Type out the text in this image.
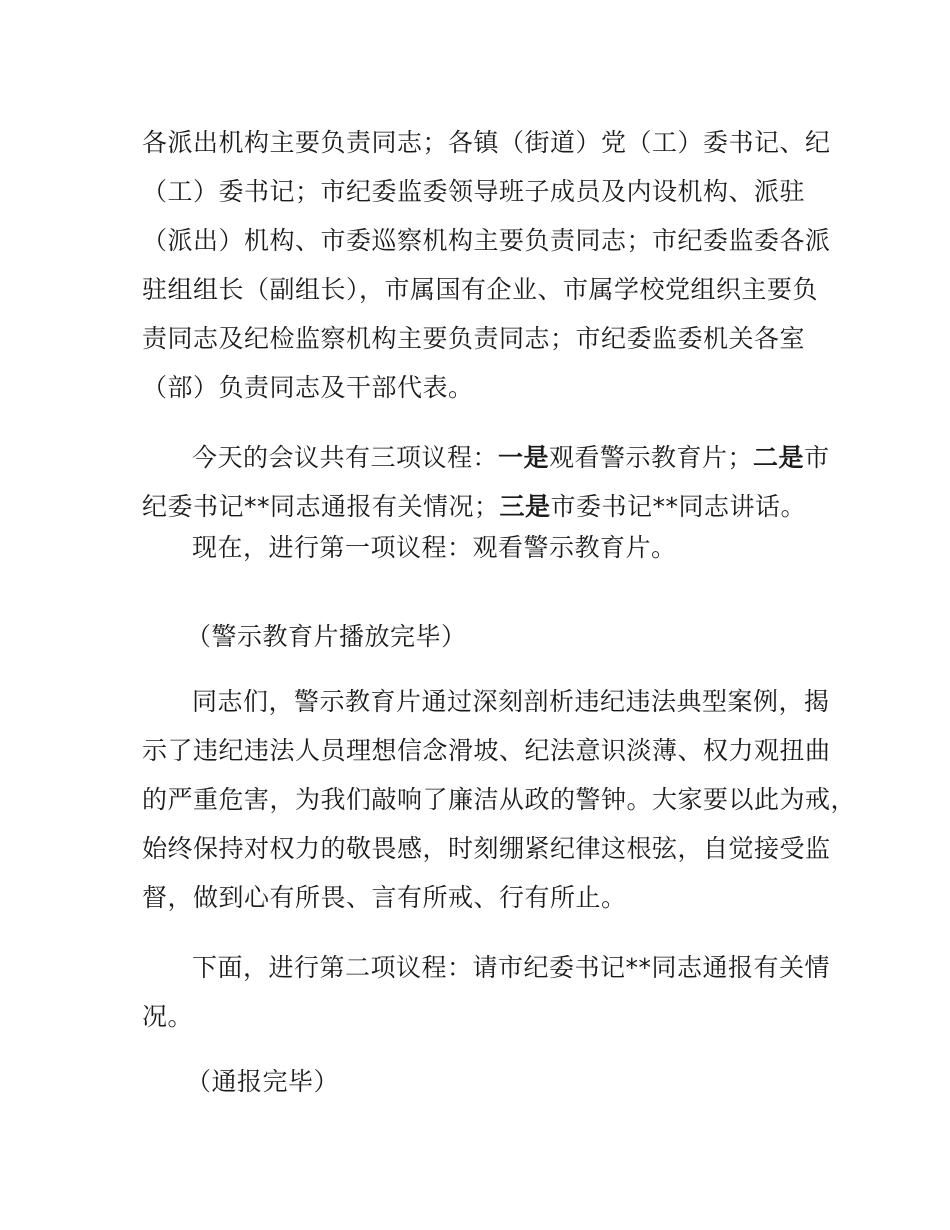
各派出机构主要负责同志；各镇（街道）党（工）委书记、纪
（工）委书记；市纪委监委领导班子成员及内设机构、派驻
（派出）机构、市委巡察机构主要负责同志；市纪委监委各派
驻组组长（副组长），市属国有企业、市属学校党组织主要负
责同志及纪检监察机构主要负责同志；市纪委监委机关各室
（部）负责同志及干部代表。

今天的会议共有三项议程：一是观看警示教育片；二是市
纪委书记**同志通报有关情况；三是市委书记**同志讲话。

现在，进行第一项议程：观看警示教育片。

（警示教育片播放完毕）

同志们，警示教育片通过深刻剖析违纪违法典型案例，揭
示了违纪违法人员理想信念滑坡、纪法意识淡薄、权力观扭曲
的严重危害，为我们敲响了廉洁从政的警钟。大家要以此为戒，
始终保持对权力的敬畏感，时刻绷紧纪律这根弦，自觉接受监
督，做到心有所畏、言有所戒、行有所止。

下面，进行第二项议程：请市纪委书记**同志通报有关情
况。

（通报完毕）
